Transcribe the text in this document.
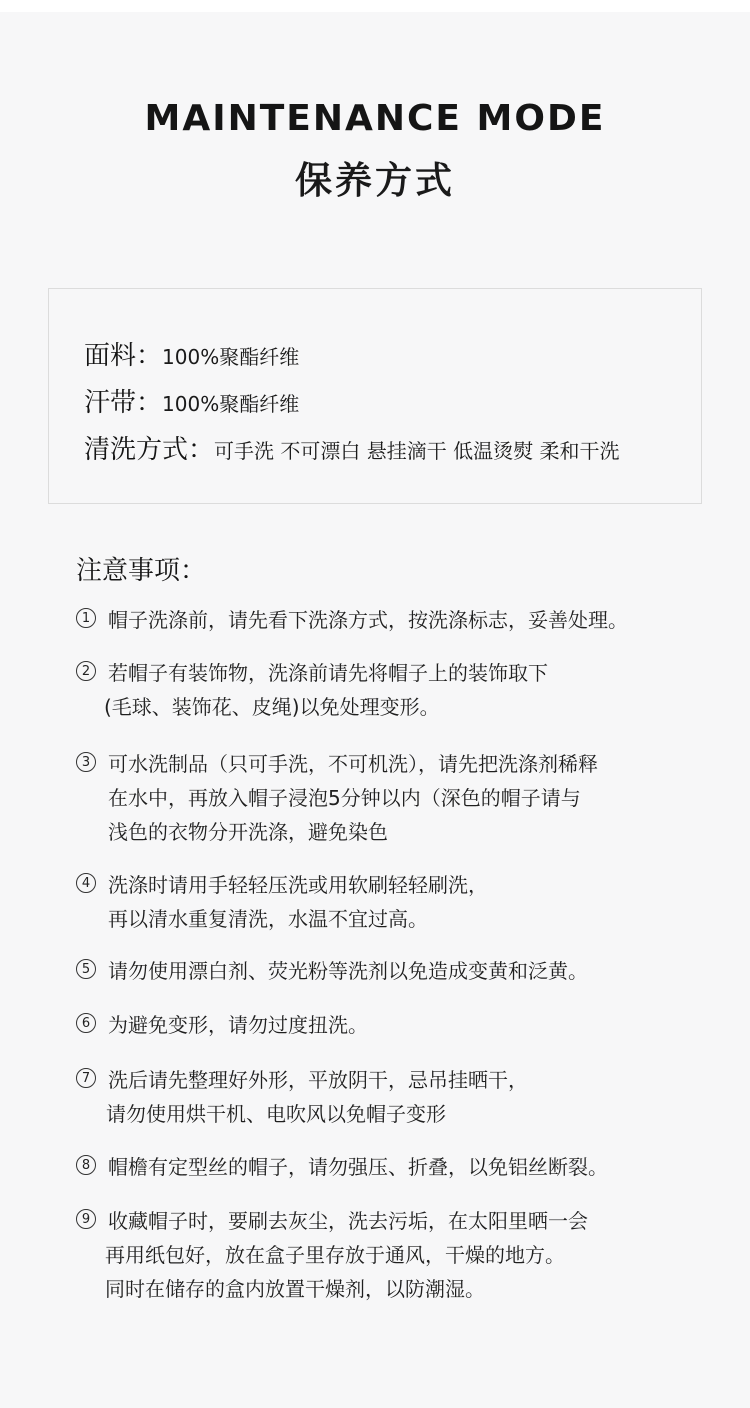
MAINTENANCE MODE
保养方式
面料： 100%聚酯纤维
汗带： 100%聚酯纤维
清洗方式： 可手洗 不可漂白 悬挂滴干 低温烫熨 柔和干洗
注意事项：
1 帽子洗涤前，请先看下洗涤方式，按洗涤标志，妥善处理。
2 若帽子有装饰物，洗涤前请先将帽子上的装饰取下
(毛球、装饰花、皮绳)以免处理变形。
3 可水洗制品（只可手洗，不可机洗），请先把洗涤剂稀释
在水中，再放入帽子浸泡5分钟以内（深色的帽子请与
浅色的衣物分开洗涤，避免染色
4 洗涤时请用手轻轻压洗或用软刷轻轻刷洗，
再以清水重复清洗，水温不宜过高。
5 请勿使用漂白剂、荧光粉等洗剂以免造成变黄和泛黄。
6 为避免变形，请勿过度扭洗。
7 洗后请先整理好外形，平放阴干，忌吊挂晒干，
请勿使用烘干机、电吹风以免帽子变形
8 帽檐有定型丝的帽子，请勿强压、折叠，以免铝丝断裂。
9 收藏帽子时，要刷去灰尘，洗去污垢，在太阳里晒一会
再用纸包好，放在盒子里存放于通风，干燥的地方。
同时在储存的盒内放置干燥剂，以防潮湿。
